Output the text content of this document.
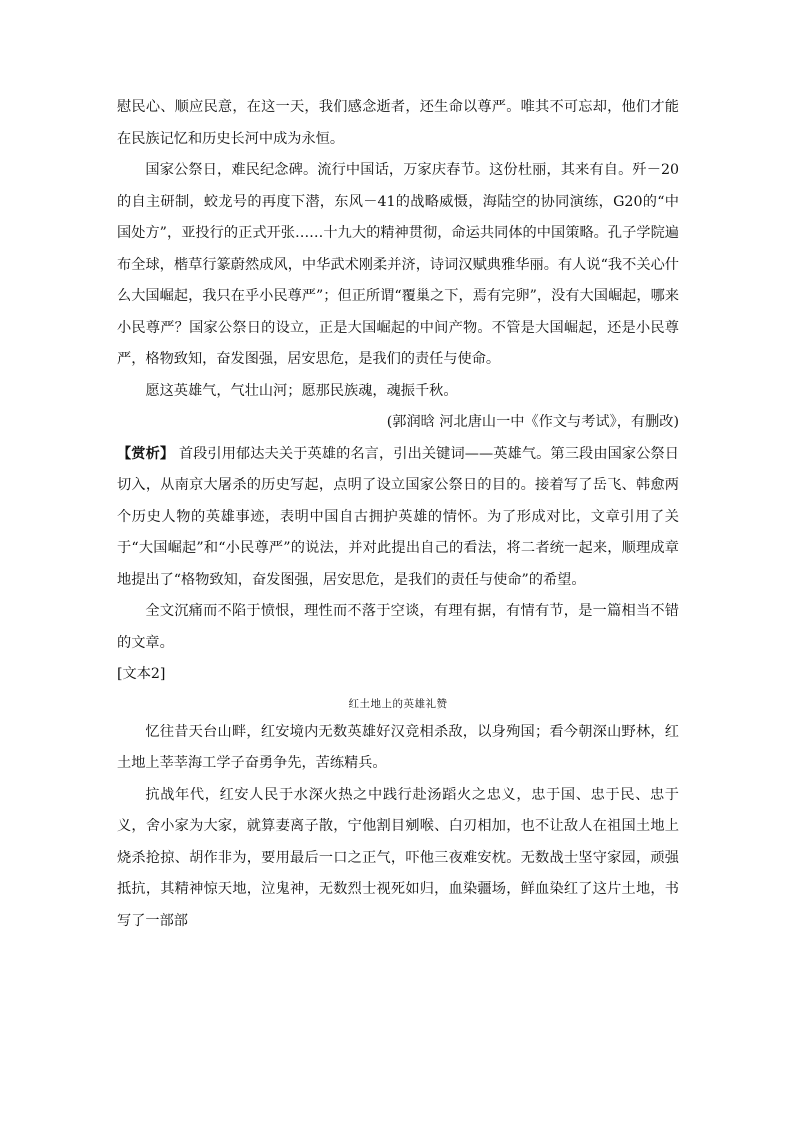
慰民心、顺应民意，在这一天，我们感念逝者，还生命以尊严。唯其不可忘却，他们才能在民族记忆和历史长河中成为永恒。

国家公祭日，难民纪念碑。流行中国话，万家庆春节。这份杜丽，其来有自。歼－20的自主研制，蛟龙号的再度下潜，东风－41的战略威慑，海陆空的协同演练，G20的“中国处方”，亚投行的正式开张……十九大的精神贯彻，命运共同体的中国策略。孔子学院遍布全球，楷草行篆蔚然成风，中华武术刚柔并济，诗词汉赋典雅华丽。有人说“我不关心什么大国崛起，我只在乎小民尊严”；但正所谓“覆巢之下，焉有完卵”，没有大国崛起，哪来小民尊严？国家公祭日的设立，正是大国崛起的中间产物。不管是大国崛起，还是小民尊严，格物致知，奋发图强，居安思危，是我们的责任与使命。

愿这英雄气，气壮山河；愿那民族魂，魂振千秋。

(郭润晗 河北唐山一中《作文与考试》，有删改)

【赏析】 首段引用郁达夫关于英雄的名言，引出关键词——英雄气。第三段由国家公祭日切入，从南京大屠杀的历史写起，点明了设立国家公祭日的目的。接着写了岳飞、韩愈两个历史人物的英雄事迹，表明中国自古拥护英雄的情怀。为了形成对比，文章引用了关于“大国崛起”和“小民尊严”的说法，并对此提出自己的看法，将二者统一起来，顺理成章地提出了“格物致知，奋发图强，居安思危，是我们的责任与使命”的希望。

全文沉痛而不陷于愤恨，理性而不落于空谈，有理有据，有情有节，是一篇相当不错的文章。

[文本2]

红土地上的英雄礼赞

忆往昔天台山畔，红安境内无数英雄好汉竞相杀敌，以身殉国；看今朝深山野林，红土地上莘莘海工学子奋勇争先，苦练精兵。

抗战年代，红安人民于水深火热之中践行赴汤蹈火之忠义，忠于国、忠于民、忠于义，舍小家为大家，就算妻离子散，宁他割目剜喉、白刃相加，也不让敌人在祖国土地上烧杀抢掠、胡作非为，要用最后一口之正气，吓他三夜难安枕。无数战士坚守家园，顽强抵抗，其精神惊天地，泣鬼神，无数烈士视死如归，血染疆场，鲜血染红了这片土地，书写了一部部
